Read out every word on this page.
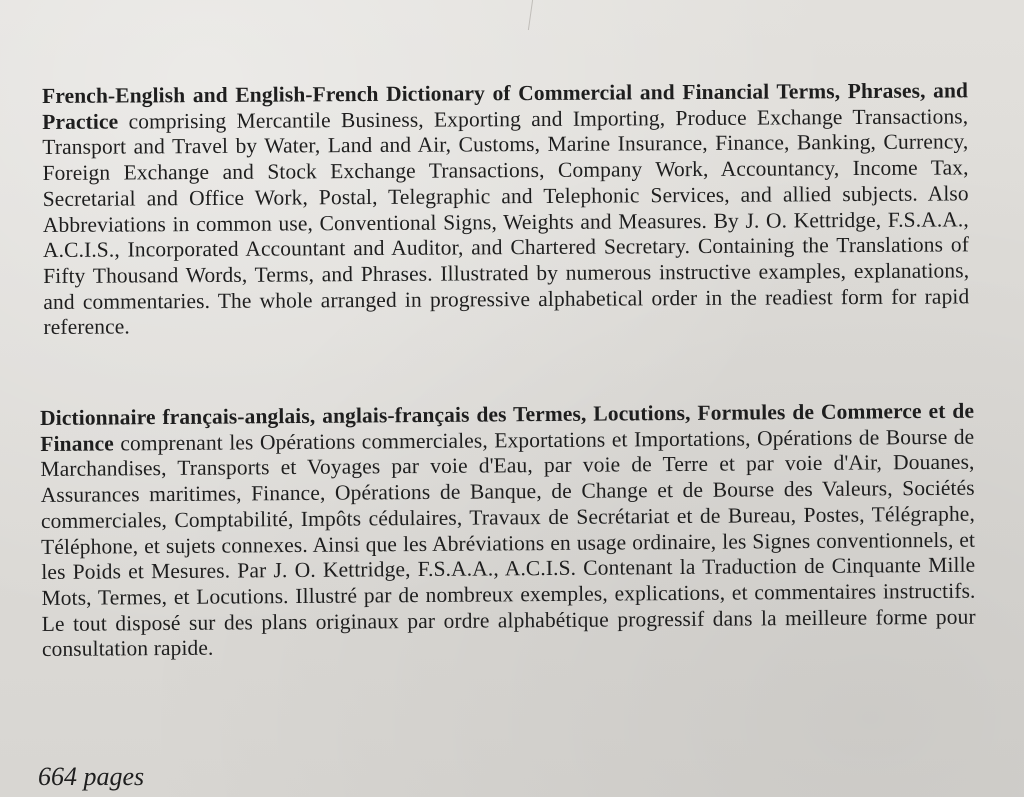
French-English and English-French Dictionary of Commercial and Financial Terms, Phrases, and Practice comprising Mercantile Business, Exporting and Importing, Produce Exchange Transactions, Transport and Travel by Water, Land and Air, Customs, Marine Insurance, Finance, Banking, Currency, Foreign Exchange and Stock Exchange Transactions, Company Work, Accountancy, Income Tax, Secretarial and Office Work, Postal, Telegraphic and Telephonic Services, and allied subjects. Also Abbreviations in common use, Conventional Signs, Weights and Measures. By J. O. Kettridge, F.S.A.A., A.C.I.S., Incorporated Accountant and Auditor, and Chartered Secretary. Containing the Translations of Fifty Thousand Words, Terms, and Phrases. Illustrated by numerous instructive examples, explanations, and commentaries. The whole arranged in progressive alphabetical order in the readiest form for rapid reference.

Dictionnaire français-anglais, anglais-français des Termes, Locutions, Formules de Commerce et de Finance comprenant les Opérations commerciales, Exportations et Importations, Opérations de Bourse de Marchandises, Transports et Voyages par voie d'Eau, par voie de Terre et par voie d'Air, Douanes, Assurances maritimes, Finance, Opérations de Banque, de Change et de Bourse des Valeurs, Sociétés commerciales, Comptabilité, Impôts cédulaires, Travaux de Secrétariat et de Bureau, Postes, Télégraphe, Téléphone, et sujets connexes. Ainsi que les Abréviations en usage ordinaire, les Signes conventionnels, et les Poids et Mesures. Par J. O. Kettridge, F.S.A.A., A.C.I.S. Contenant la Traduction de Cinquante Mille Mots, Termes, et Locutions. Illustré par de nombreux exemples, explications, et commentaires instructifs. Le tout disposé sur des plans originaux par ordre alphabétique progressif dans la meilleure forme pour consultation rapide.

664 pages
